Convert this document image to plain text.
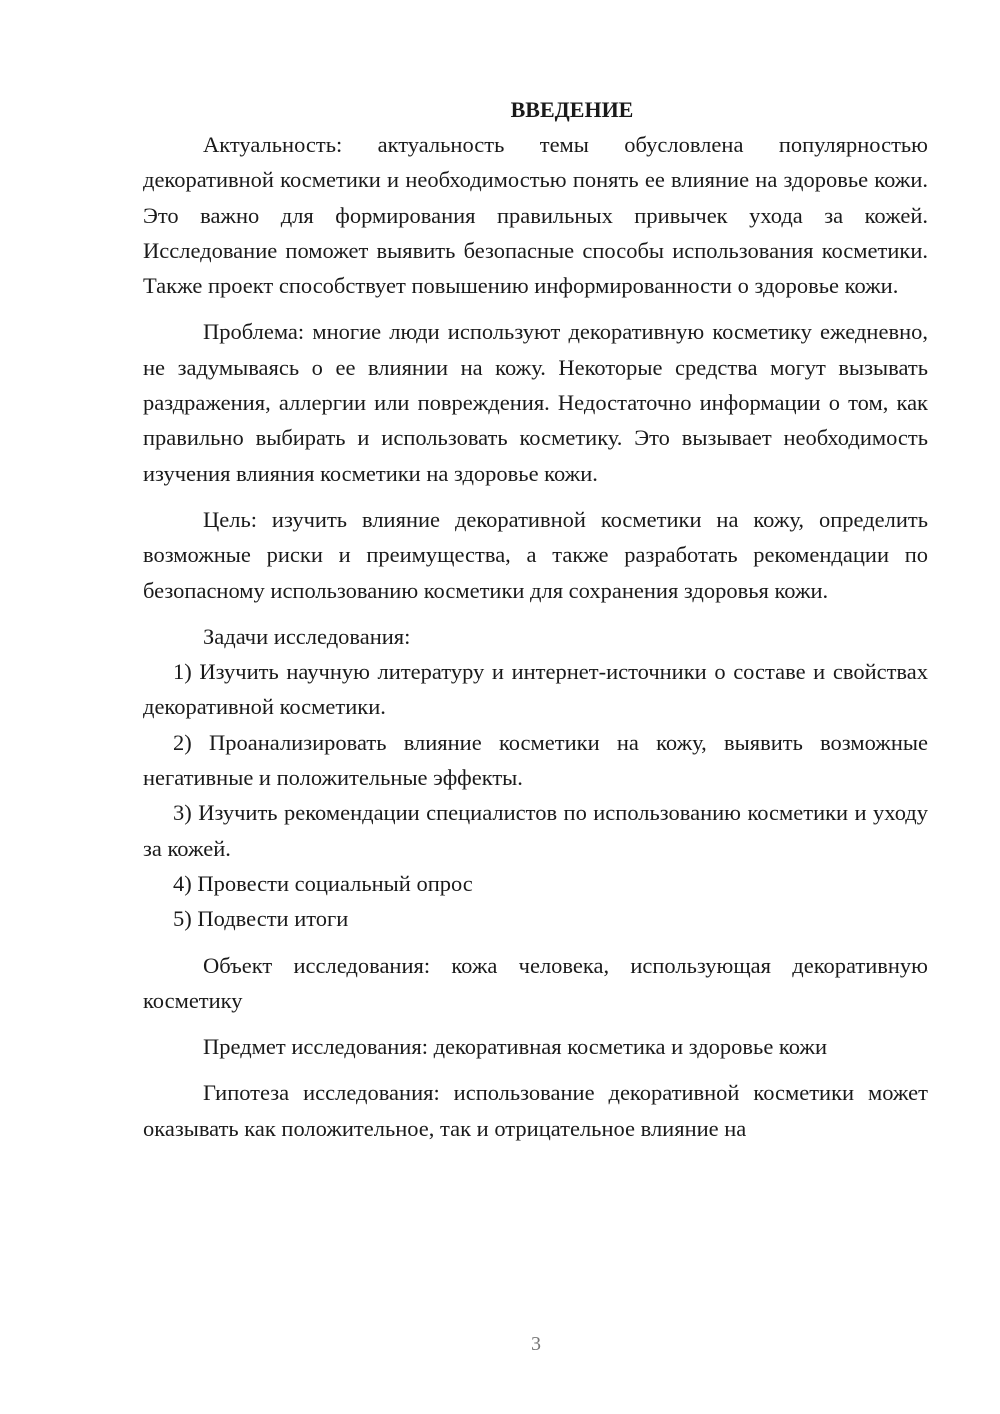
ВВЕДЕНИЕ

Актуальность: актуальность темы обусловлена популярностью декоративной косметики и необходимостью понять ее влияние на здоровье кожи. Это важно для формирования правильных привычек ухода за кожей. Исследование поможет выявить безопасные способы использования косметики. Также проект способствует повышению информированности о здоровье кожи.

Проблема: многие люди используют декоративную косметику ежедневно, не задумываясь о ее влиянии на кожу. Некоторые средства могут вызывать раздражения, аллергии или повреждения. Недостаточно информации о том, как правильно выбирать и использовать косметику. Это вызывает необходимость изучения влияния косметики на здоровье кожи.

Цель: изучить влияние декоративной косметики на кожу, определить возможные риски и преимущества, а также разработать рекомендации по безопасному использованию косметики для сохранения здоровья кожи.

Задачи исследования:

1) Изучить научную литературу и интернет-источники о составе и свойствах декоративной косметики.

2) Проанализировать влияние косметики на кожу, выявить возможные негативные и положительные эффекты.

3) Изучить рекомендации специалистов по использованию косметики и уходу за кожей.

4) Провести социальный опрос

5) Подвести итоги

Объект исследования: кожа человека, использующая декоративную косметику

Предмет исследования: декоративная косметика и здоровье кожи

Гипотеза исследования: использование декоративной косметики может оказывать как положительное, так и отрицательное влияние на

3
